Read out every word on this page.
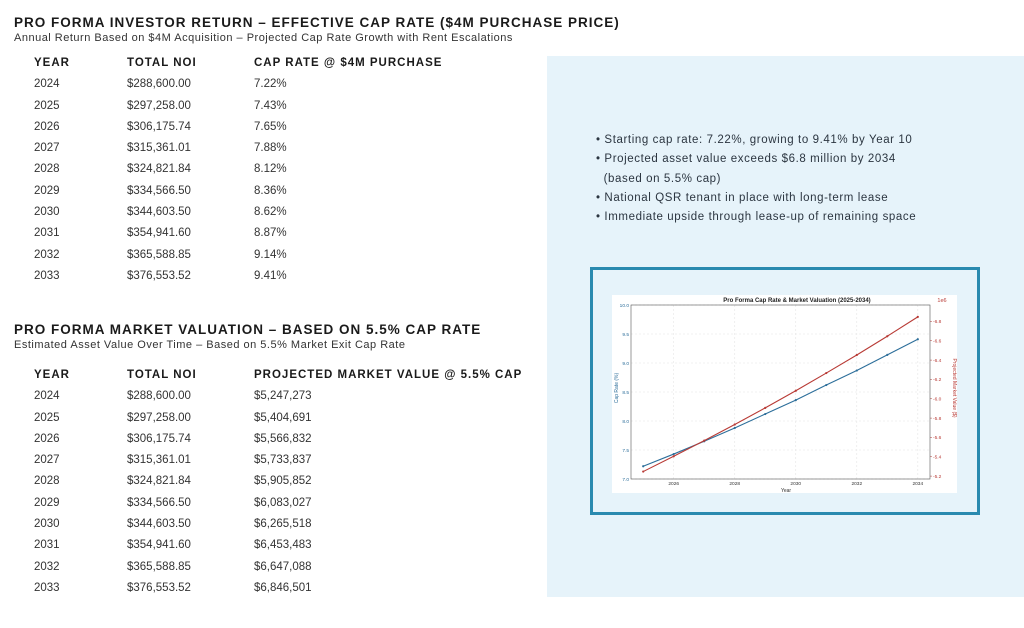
PRO FORMA INVESTOR RETURN – EFFECTIVE CAP RATE ($4M PURCHASE PRICE)
Annual Return Based on $4M Acquisition – Projected Cap Rate Growth with Rent Escalations
YEAR	TOTAL NOI	CAP RATE @ $4M PURCHASE
2024	$288,600.00	7.22%
2025	$297,258.00	7.43%
2026	$306,175.74	7.65%
2027	$315,361.01	7.88%
2028	$324,821.84	8.12%
2029	$334,566.50	8.36%
2030	$344,603.50	8.62%
2031	$354,941.60	8.87%
2032	$365,588.85	9.14%
2033	$376,553.52	9.41%
PRO FORMA MARKET VALUATION – BASED ON 5.5% CAP RATE
Estimated Asset Value Over Time – Based on 5.5% Market Exit Cap Rate
YEAR	TOTAL NOI	PROJECTED MARKET VALUE @ 5.5% CAP
2024	$288,600.00	$5,247,273
2025	$297,258.00	$5,404,691
2026	$306,175.74	$5,566,832
2027	$315,361.01	$5,733,837
2028	$324,821.84	$5,905,852
2029	$334,566.50	$6,083,027
2030	$344,603.50	$6,265,518
2031	$354,941.60	$6,453,483
2032	$365,588.85	$6,647,088
2033	$376,553.52	$6,846,501
• Starting cap rate: 7.22%, growing to 9.41% by Year 10
• Projected asset value exceeds $6.8 million by 2034
(based on 5.5% cap)
• National QSR tenant in place with long-term lease
• Immediate upside through lease-up of remaining space
Pro Forma Cap Rate & Market Valuation (2025-2034)	1e6
Year
Cap Rate (%)	Projected Market Value ($)
7.0
7.5
8.0
8.5
9.0
9.5
10.0
2026	2028	2030	2032	2034
-5.2
-5.4
-5.6
-5.8
-6.0
-6.2
-6.4
-6.6
-6.8
